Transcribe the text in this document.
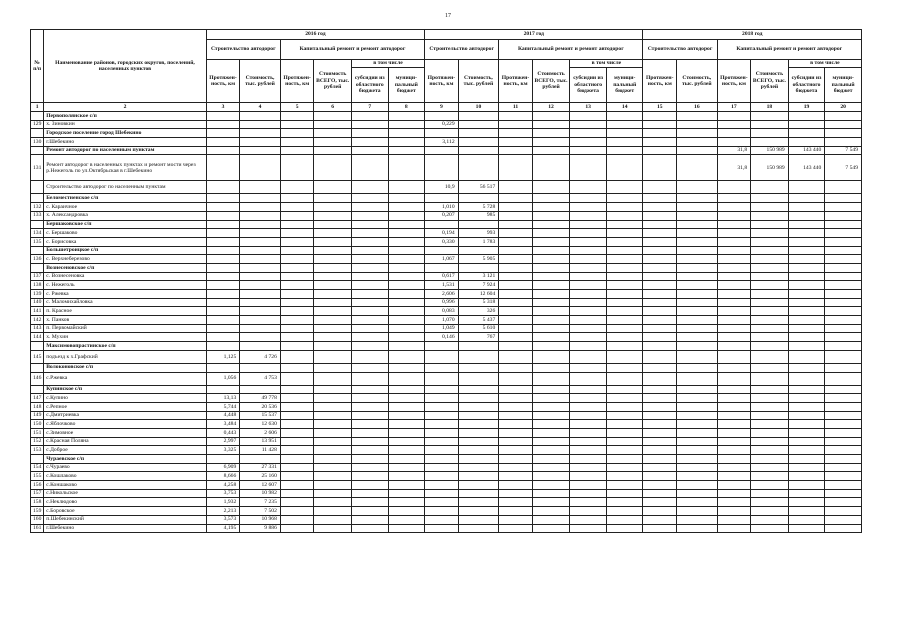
17
№ п/п	Наименование районов, городских округов, поселений, населенных пунктов	2016 год						2017 год						2018 год					
		Строительство автодорог		Капитальный ремонт и ремонт автодорог				Строительство автодорог		Капитальный ремонт и ремонт автодорог				Строительство автодорог		Капитальный ремонт и ремонт автодорог			
		Протяжен-ность, км	Стоимость, тыс. рублей	Протяжен-ность, км	Стоимость ВСЕГО, тыс. рублей	в том числе		Протяжен-ность, км	Стоимость, тыс. рублей	Протяжен-ность, км	Стоимость ВСЕГО, тыс. рублей	в том числе		Протяжен-ность, км	Стоимость, тыс. рублей	Протяжен-ность, км	Стоимость ВСЕГО, тыс. рублей	в том числе	
						субсидии из областного бюджета	муници-пальный бюджет					субсидии из областного бюджета	муници-пальный бюджет					субсидии из областного бюджета	муници-пальный бюджет
1	2	3	4	5	6	7	8	9	10	11	12	13	14	15	16	17	18	19	20
	Первополянское с/п																		
129	х. Зиновкин							0,229											
	Городское поселение город Шебекино																		
130	г.Шебекино							3,112											
	Ремонт автодорог по населенным пунктам															31,8	150 989	143 440	7 549
131	Ремонт автодорог в населенных пунктах и ремонт мости через р.Нежеголь по ул.Октябрьская в г.Шебекино															31,8	150 989	143 440	7 549
	Строительство автодорог по населенным пунктам							10,9	56 517										
	Беломестненское с/п																		
132	с. Караичное							1,010	5 728										
133	х. Александровка							0,207	985										
	Бершаковское с/п																		
134	с. Бершаково							0,194	993										
135	с. Борисовка							0,330	1 783										
	Большетроицкое с/п																		
136	с. Верхнеберезово							1,067	5 905										
	Вознесеновское с/п																		
137	с. Вознесеновка							0,617	3 121										
138	с. Нежеголь							1,531	7 924										
139	с. Ржевка							2,606	12 604										
140	с. Маломихайловка							0,996	5 318										
141	п. Красное							0,083	326										
142	х. Панков							1,070	5 437										
143	п. Первомайский							1,049	5 610										
144	х. Мухин							0,146	767										
	Максимовопрастинское с/п																		
145	подъезд к х.Графский	1,125	4 726																
	Волоконовское с/п																		
146	с.Ржевка	1,056	4 753																
	Купинское с/п																		
147	с.Купино	13,13	49 778																
148	с.Репное	5,744	20 536																
149	с.Дмитриевка	4,448	15 537																
150	с.Яблочково	3,484	12 630																
151	с.Зимовное	0,443	2 606																
152	с.Красная Поляна	2,997	13 951																
153	с.Доброе	3,325	11 428																
	Чураевское с/п																		
154	с.Чураево	6,909	27 331																
155	с.Кошлаково	8,666	25 160																
156	с.Коншаково	4,258	12 607																
157	с.Никольское	3,753	10 982																
158	с.Неклюдово	1,932	7 235																
159	с.Боровское	2,213	7 502																
160	п.Шебекинский	3,573	10 968																
161	г.Шебекино	4,195	9 886																
